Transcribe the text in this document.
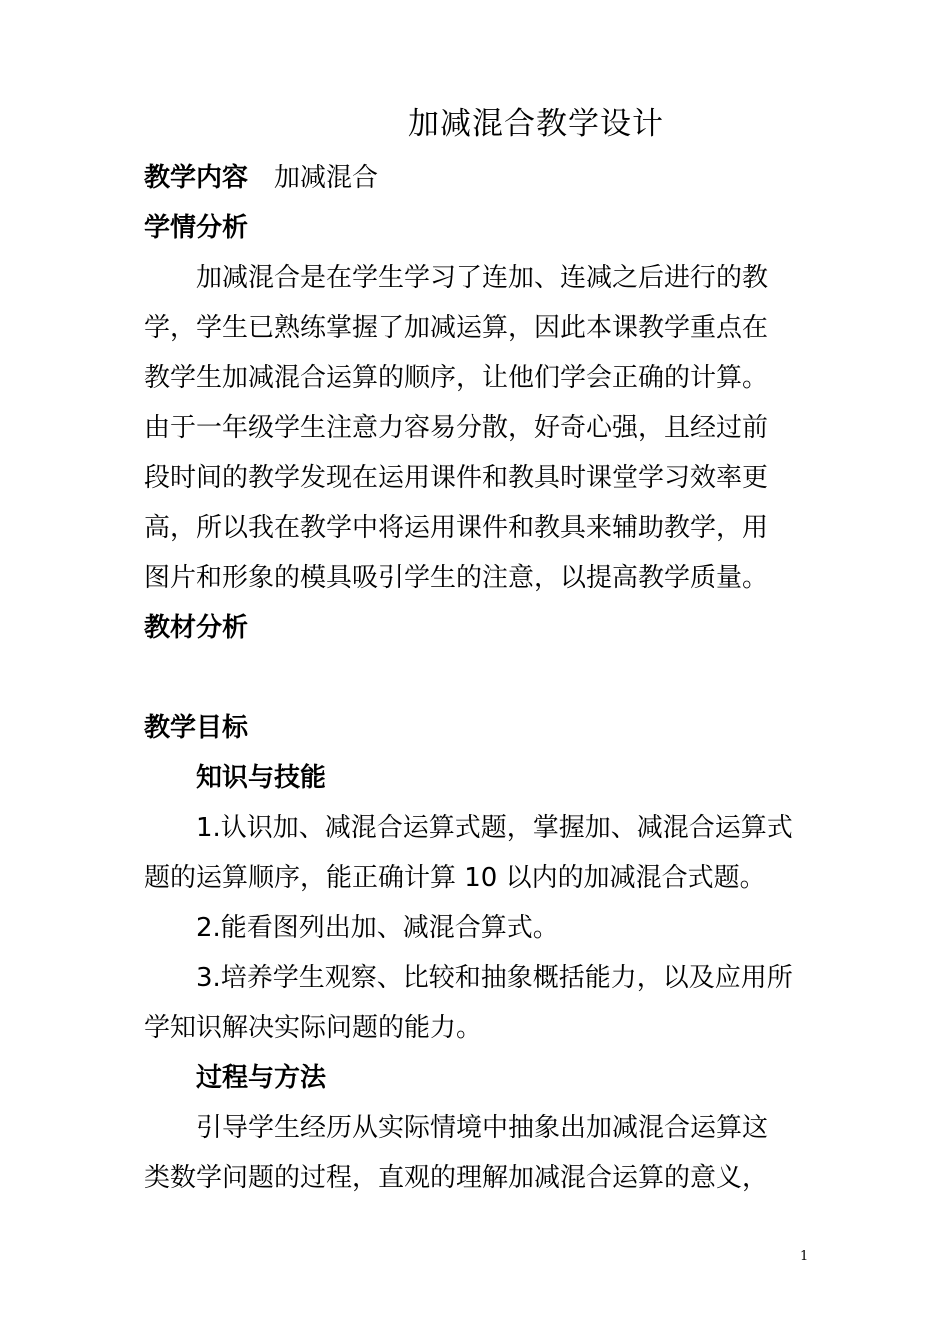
加减混合教学设计
教学内容 加减混合
学情分析
加减混合是在学生学习了连加、连减之后进行的教
学，学生已熟练掌握了加减运算，因此本课教学重点在
教学生加减混合运算的顺序，让他们学会正确的计算。
由于一年级学生注意力容易分散，好奇心强，且经过前
段时间的教学发现在运用课件和教具时课堂学习效率更
高，所以我在教学中将运用课件和教具来辅助教学，用
图片和形象的模具吸引学生的注意，以提高教学质量。
教材分析
教学目标
知识与技能
1.认识加、减混合运算式题，掌握加、减混合运算式
题的运算顺序，能正确计算 10 以内的加减混合式题。
2.能看图列出加、减混合算式。
3.培养学生观察、比较和抽象概括能力，以及应用所
学知识解决实际问题的能力。
过程与方法
引导学生经历从实际情境中抽象出加减混合运算这
类数学问题的过程，直观的理解加减混合运算的意义，
1
